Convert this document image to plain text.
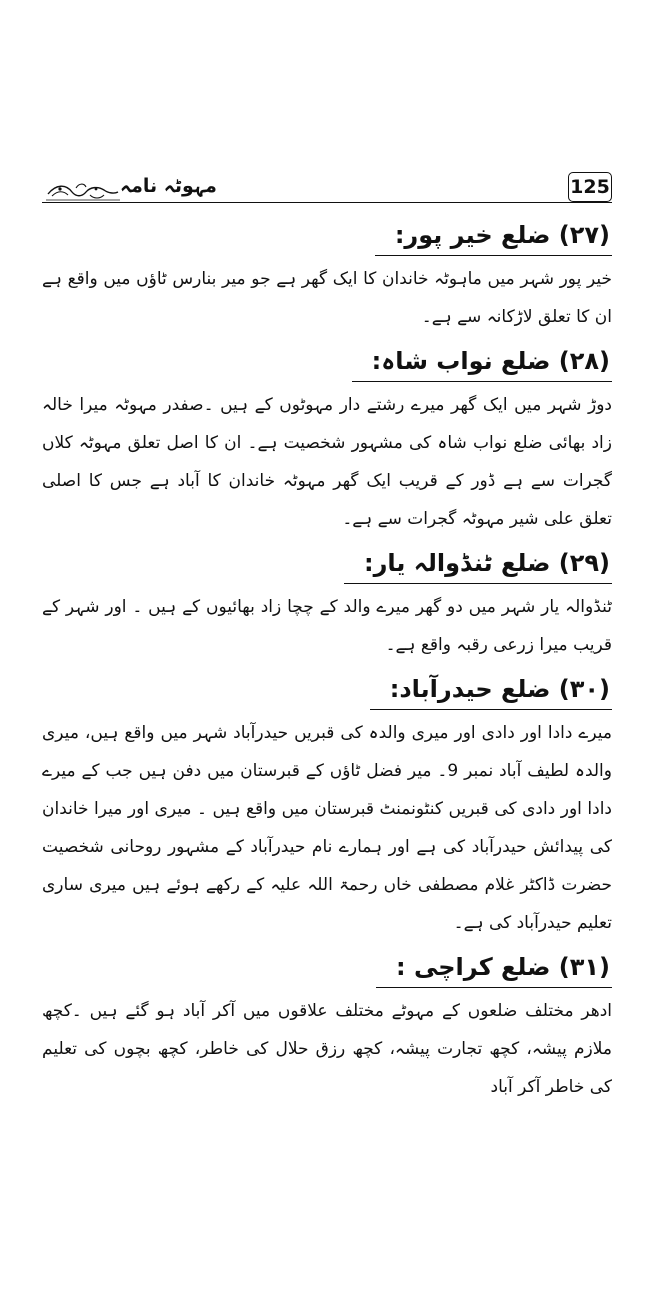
مہوٹہ نامہ	125
(۲۷) ضلع خیر پور:

خیر پور شہر میں ماہوٹہ خاندان کا ایک گھر ہے جو میر بنارس ٹاؤں میں واقع ہے ان کا تعلق لاڑکانہ سے ہے۔

(۲۸) ضلع نواب شاہ:

دوڑ شہر میں ایک گھر میرے رشتے دار مہوٹوں کے ہیں ۔صفدر مہوٹہ میرا خالہ زاد بھائی ضلع نواب شاہ کی مشہور شخصیت ہے۔ ان کا اصل تعلق مہوٹہ کلاں گجرات سے ہے ڈور کے قریب ایک گھر مہوٹہ خاندان کا آباد ہے جس کا اصلی تعلق علی شیر مہوٹہ گجرات سے ہے۔

(۲۹) ضلع ٹنڈوالہ یار:

ٹنڈوالہ یار شہر میں دو گھر میرے والد کے چچا زاد بھائیوں کے ہیں ۔ اور شہر کے قریب میرا زرعی رقبہ واقع ہے۔

(۳۰) ضلع حیدرآباد:

میرے دادا اور دادی اور میری والدہ کی قبریں حیدرآباد شہر میں واقع ہیں، میری والدہ لطیف آباد نمبر 9۔ میر فضل ٹاؤں کے قبرستان میں دفن ہیں جب کے میرے دادا اور دادی کی قبریں کنٹونمنٹ قبرستان میں واقع ہیں ۔ میری اور میرا خاندان کی پیدائش حیدرآباد کی ہے اور ہمارے نام حیدرآباد کے مشہور روحانی شخصیت حضرت ڈاکٹر غلام مصطفی خاں رحمۃ اللہ علیہ کے رکھے ہوئے ہیں میری ساری تعلیم حیدرآباد کی ہے۔

(۳۱) ضلع کراچی :

ادھر مختلف ضلعوں کے مہوٹے مختلف علاقوں میں آکر آباد ہو گئے ہیں ۔کچھ ملازم پیشہ، کچھ تجارت پیشہ، کچھ رزق حلال کی خاطر، کچھ بچوں کی تعلیم کی خاطر آکر آباد
